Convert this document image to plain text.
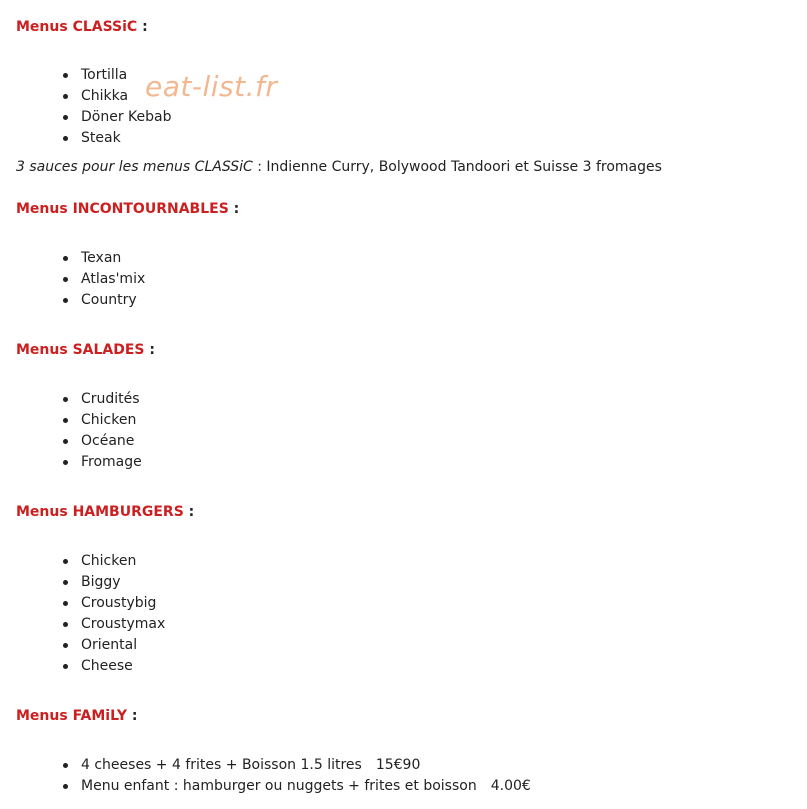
Menus CLASSiC :
Tortilla
Chikka
Döner Kebab
Steak

3 sauces pour les menus CLASSiC : Indienne Curry, Bolywood Tandoori et Suisse 3 fromages

Menus INCONTOURNABLES :
Texan
Atlas'mix
Country
Menus SALADES :
Crudités
Chicken
Océane
Fromage
Menus HAMBURGERS :
Chicken
Biggy
Croustybig
Croustymax
Oriental
Cheese
Menus FAMiLY :
4 cheeses + 4 frites + Boisson 1.5 litres 15€90
Menu enfant : hamburger ou nuggets + frites et boisson 4.00€
eat-list.fr
